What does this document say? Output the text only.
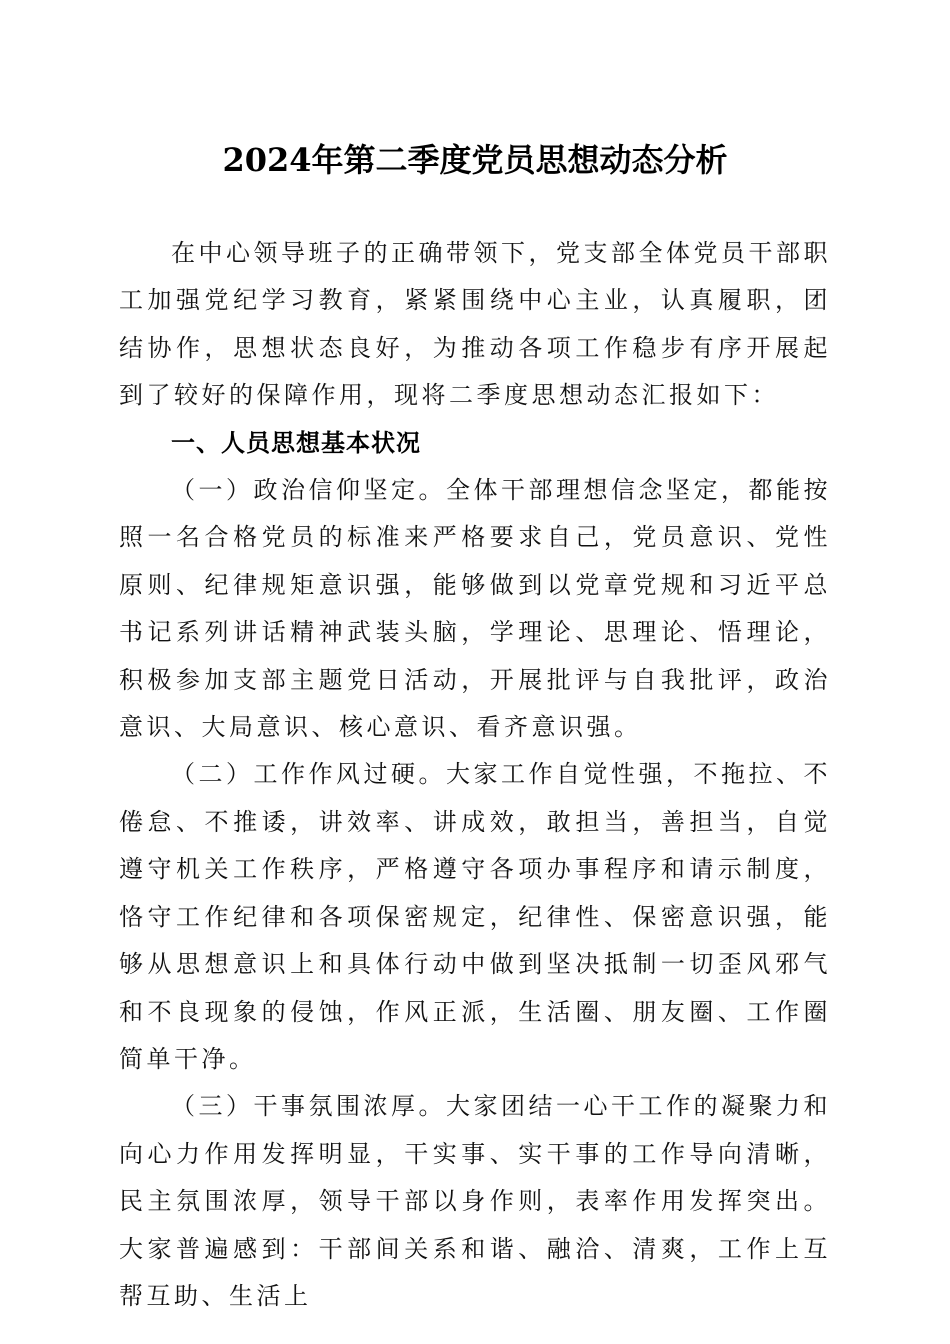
2024年第二季度党员思想动态分析

在中心领导班子的正确带领下，党支部全体党员干部职工加强党纪学习教育，紧紧围绕中心主业，认真履职，团结协作，思想状态良好，为推动各项工作稳步有序开展起到了较好的保障作用，现将二季度思想动态汇报如下：

一、人员思想基本状况

（一）政治信仰坚定。全体干部理想信念坚定，都能按照一名合格党员的标准来严格要求自己，党员意识、党性原则、纪律规矩意识强，能够做到以党章党规和习近平总书记系列讲话精神武装头脑，学理论、思理论、悟理论，积极参加支部主题党日活动，开展批评与自我批评，政治意识、大局意识、核心意识、看齐意识强。

（二）工作作风过硬。大家工作自觉性强，不拖拉、不倦怠、不推诿，讲效率、讲成效，敢担当，善担当，自觉遵守机关工作秩序，严格遵守各项办事程序和请示制度，恪守工作纪律和各项保密规定，纪律性、保密意识强，能够从思想意识上和具体行动中做到坚决抵制一切歪风邪气和不良现象的侵蚀，作风正派，生活圈、朋友圈、工作圈简单干净。

（三）干事氛围浓厚。大家团结一心干工作的凝聚力和向心力作用发挥明显，干实事、实干事的工作导向清晰，民主氛围浓厚，领导干部以身作则，表率作用发挥突出。大家普遍感到：干部间关系和谐、融洽、清爽，工作上互帮互助、生活上
